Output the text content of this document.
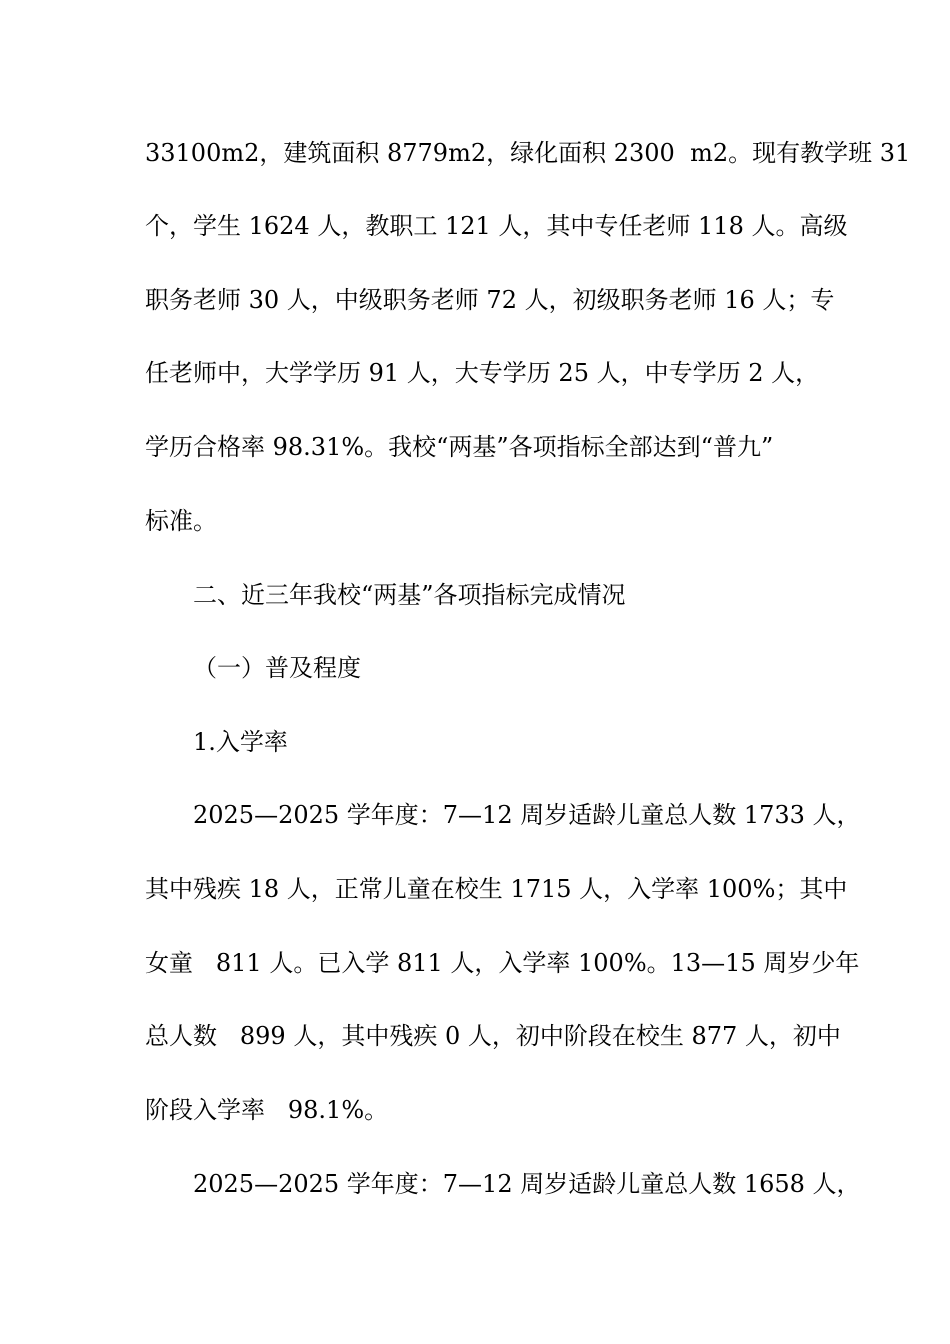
33100m2，建筑面积 8779m2，绿化面积 2300  m2。现有教学班 31
个，学生 1624 人，教职工 121 人，其中专任老师 118 人。高级
职务老师 30 人，中级职务老师 72 人，初级职务老师 16 人；专
任老师中，大学学历 91 人，大专学历 25 人，中专学历 2 人，
学历合格率 98.31%。我校“两基”各项指标全部达到“普九”
标准。
二、近三年我校“两基”各项指标完成情况
（一）普及程度
1.入学率
2025—2025 学年度：7—12 周岁适龄儿童总人数 1733 人，
其中残疾 18 人，正常儿童在校生 1715 人，入学率 100%；其中
女童   811 人。已入学 811 人，入学率 100%。13—15 周岁少年
总人数   899 人，其中残疾 0 人，初中阶段在校生 877 人，初中
阶段入学率   98.1%。
2025—2025 学年度：7—12 周岁适龄儿童总人数 1658 人，
